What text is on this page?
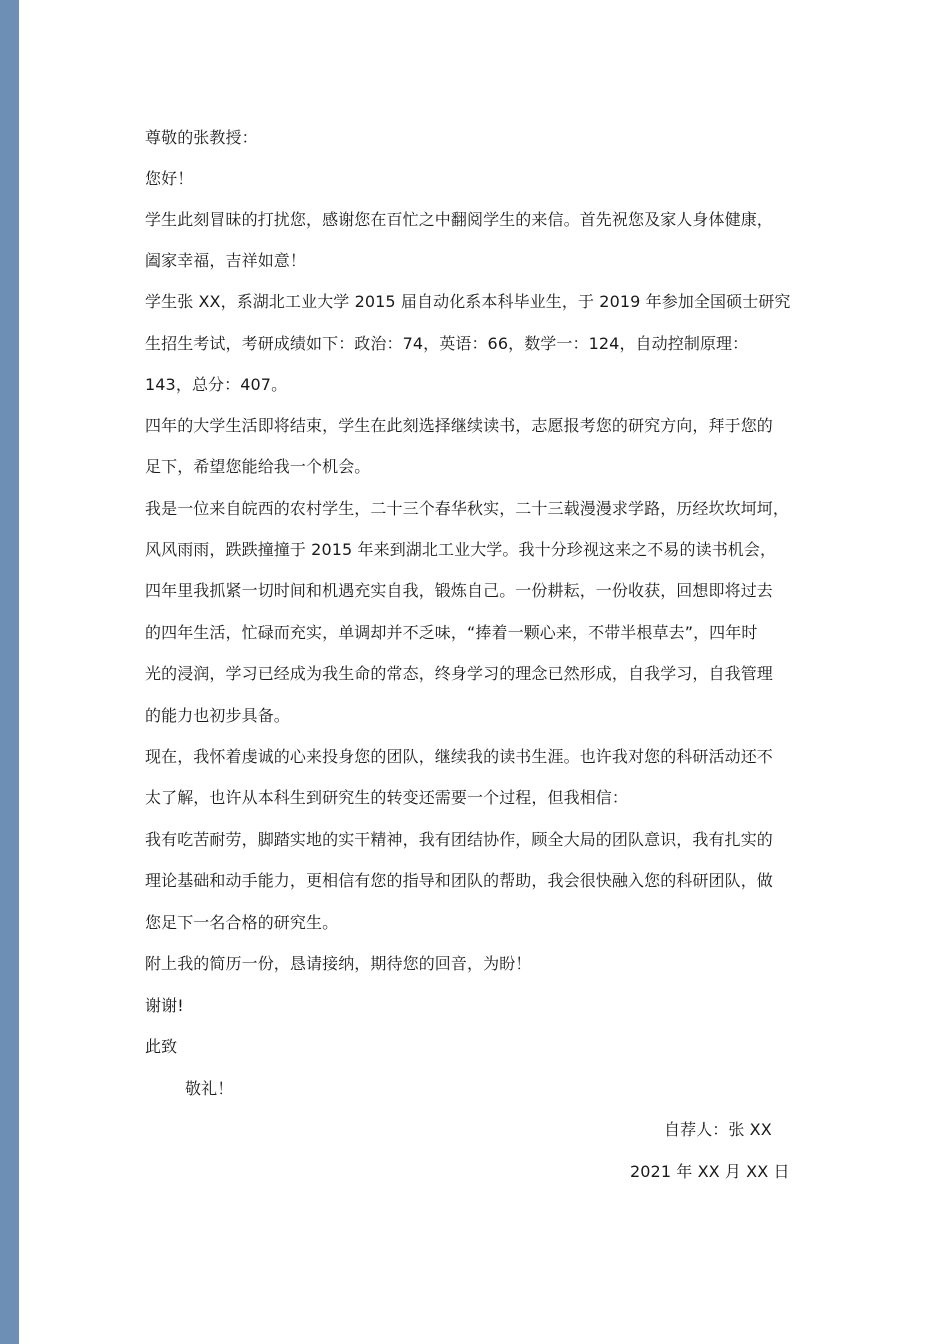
尊敬的张教授：
您好！
学生此刻冒昧的打扰您，感谢您在百忙之中翻阅学生的来信。首先祝您及家人身体健康，
阖家幸福，吉祥如意！
学生张 XX，系湖北工业大学 2015 届自动化系本科毕业生，于 2019 年参加全国硕士研究
生招生考试，考研成绩如下：政治：74，英语：66，数学一：124，自动控制原理：
143，总分：407。
四年的大学生活即将结束，学生在此刻选择继续读书，志愿报考您的研究方向，拜于您的
足下，希望您能给我一个机会。
我是一位来自皖西的农村学生，二十三个春华秋实，二十三载漫漫求学路，历经坎坎坷坷，
风风雨雨，跌跌撞撞于 2015 年来到湖北工业大学。我十分珍视这来之不易的读书机会，
四年里我抓紧一切时间和机遇充实自我，锻炼自己。一份耕耘，一份收获，回想即将过去
的四年生活，忙碌而充实，单调却并不乏味，“捧着一颗心来，不带半根草去”，四年时
光的浸润，学习已经成为我生命的常态，终身学习的理念已然形成，自我学习，自我管理
的能力也初步具备。
现在，我怀着虔诚的心来投身您的团队，继续我的读书生涯。也许我对您的科研活动还不
太了解，也许从本科生到研究生的转变还需要一个过程，但我相信：
我有吃苦耐劳，脚踏实地的实干精神，我有团结协作，顾全大局的团队意识，我有扎实的
理论基础和动手能力，更相信有您的指导和团队的帮助，我会很快融入您的科研团队，做
您足下一名合格的研究生。
附上我的简历一份，恳请接纳，期待您的回音，为盼！
谢谢!
此致
敬礼！
自荐人：张 XX
2021 年 XX 月 XX 日
